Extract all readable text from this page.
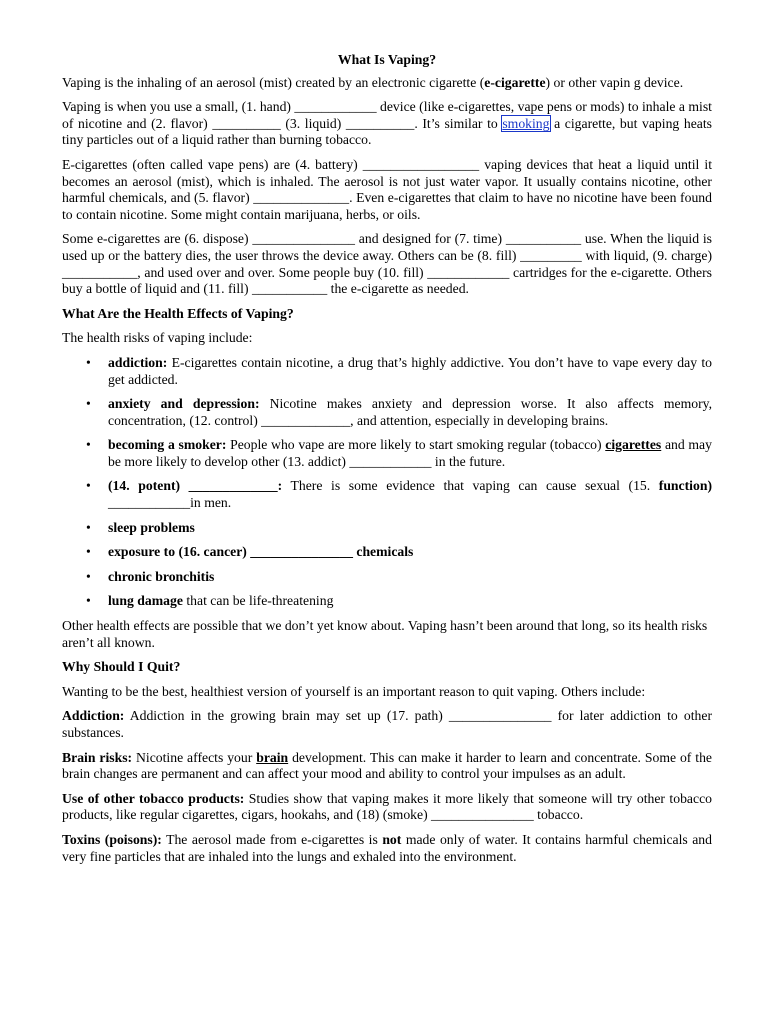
What Is Vaping?

Vaping is the inhaling of an aerosol (mist) created by an electronic cigarette (e-cigarette) or other vapin g device.

Vaping is when you use a small, (1. hand) ____________ device (like e-cigarettes, vape pens or mods) to inhale a mist of nicotine and (2. flavor) __________ (3. liquid) __________. It’s similar to smoking a cigarette, but vaping heats tiny particles out of a liquid rather than burning tobacco.

E-cigarettes (often called vape pens) are (4. battery) _________________ vaping devices that heat a liquid until it becomes an aerosol (mist), which is inhaled. The aerosol is not just water vapor. It usually contains nicotine, other harmful chemicals, and (5. flavor) ______________. Even e-cigarettes that claim to have no nicotine have been found to contain nicotine. Some might contain marijuana, herbs, or oils.

Some e-cigarettes are (6. dispose) _______________ and designed for (7. time) ___________ use. When the liquid is used up or the battery dies, the user throws the device away. Others can be (8. fill) _________ with liquid, (9. charge) ___________, and used over and over. Some people buy (10. fill) ____________ cartridges for the e-cigarette. Others buy a bottle of liquid and (11. fill) ___________ the e-cigarette as needed.

What Are the Health Effects of Vaping?

The health risks of vaping include:

• addiction: E-cigarettes contain nicotine, a drug that’s highly addictive. You don’t have to vape every day to get addicted.
• anxiety and depression: Nicotine makes anxiety and depression worse. It also affects memory, concentration, (12. control) _____________, and attention, especially in developing brains.
• becoming a smoker: People who vape are more likely to start smoking regular (tobacco) cigarettes and may be more likely to develop other (13. addict) ____________ in the future.
• (14. potent) _____________: There is some evidence that vaping can cause sexual (15. function) ____________in men.
• sleep problems
• exposure to (16. cancer) _______________ chemicals
• chronic bronchitis
• lung damage that can be life-threatening

Other health effects are possible that we don’t yet know about. Vaping hasn’t been around that long, so its health risks aren’t all known.

Why Should I Quit?

Wanting to be the best, healthiest version of yourself is an important reason to quit vaping. Others include:

Addiction: Addiction in the growing brain may set up (17. path) _______________ for later addiction to other substances.

Brain risks: Nicotine affects your brain development. This can make it harder to learn and concentrate. Some of the brain changes are permanent and can affect your mood and ability to control your impulses as an adult.

Use of other tobacco products: Studies show that vaping makes it more likely that someone will try other tobacco products, like regular cigarettes, cigars, hookahs, and (18) (smoke) _______________ tobacco.

Toxins (poisons): The aerosol made from e-cigarettes is not made only of water. It contains harmful chemicals and very fine particles that are inhaled into the lungs and exhaled into the environment.
